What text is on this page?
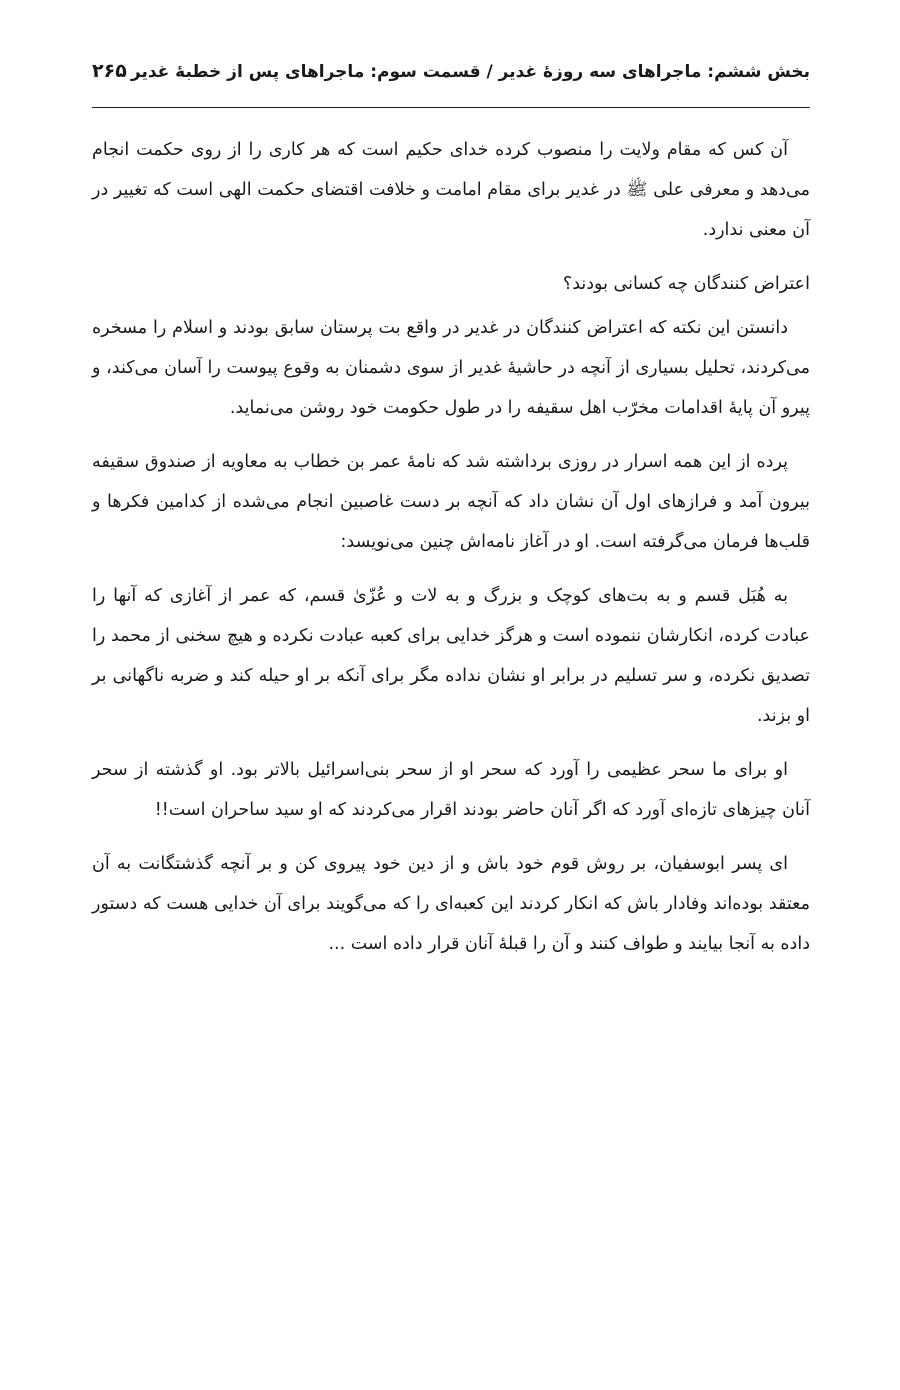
بخش ششم: ماجراهای سه روزهٔ غدیر / قسمت سوم: ماجراهای پس از خطبهٔ غدیر
۲۶۵

آن کس که مقام ولایت را منصوب کرده خدای حکیم است که هر کاری را از روی حکمت انجام می‌دهد و معرفی علی ﷺ در غدیر برای مقام امامت و خلافت اقتضای حکمت الهی است که تغییر در آن معنی ندارد.

اعتراض کنندگان چه کسانی بودند؟

دانستن این نکته که اعتراض کنندگان در غدیر در واقع بت پرستان سابق بودند و اسلام را مسخره می‌کردند، تحلیل بسیاری از آنچه در حاشیهٔ غدیر از سوی دشمنان به وقوع پیوست را آسان می‌کند، و پیرو آن پایهٔ اقدامات مخرّب اهل سقیفه را در طول حکومت خود روشن می‌نماید.

پرده از این همه اسرار در روزی برداشته شد که نامهٔ عمر بن خطاب به معاویه از صندوق سقیفه بیرون آمد و فرازهای اول آن نشان داد که آنچه بر دست غاصبین انجام می‌شده از کدامین فکرها و قلب‌ها فرمان می‌گرفته است. او در آغاز نامه‌اش چنین می‌نویسد:

به هُبَل قسم و به بت‌های کوچک و بزرگ و به لات و عُزّیٰ قسم، که عمر از آغازی که آنها را عبادت کرده، انکارشان ننموده است و هرگز خدایی برای کعبه عبادت نکرده و هیچ سخنی از محمد را تصدیق نکرده، و سر تسلیم در برابر او نشان نداده مگر برای آنکه بر او حیله کند و ضربه ناگهانی بر او بزند.

او برای ما سحر عظیمی را آورد که سحر او از سحر بنی‌اسرائیل بالاتر بود. او گذشته از سحر آنان چیزهای تازه‌ای آورد که اگر آنان حاضر بودند اقرار می‌کردند که او سید ساحران است!!

ای پسر ابوسفیان، بر روش قوم خود باش و از دین خود پیروی کن و بر آنچه گذشتگانت به آن معتقد بوده‌اند وفادار باش که انکار کردند این کعبه‌ای را که می‌گویند برای آن خدایی هست که دستور داده به آنجا بیایند و طواف کنند و آن را قبلهٔ آنان قرار داده است ...
